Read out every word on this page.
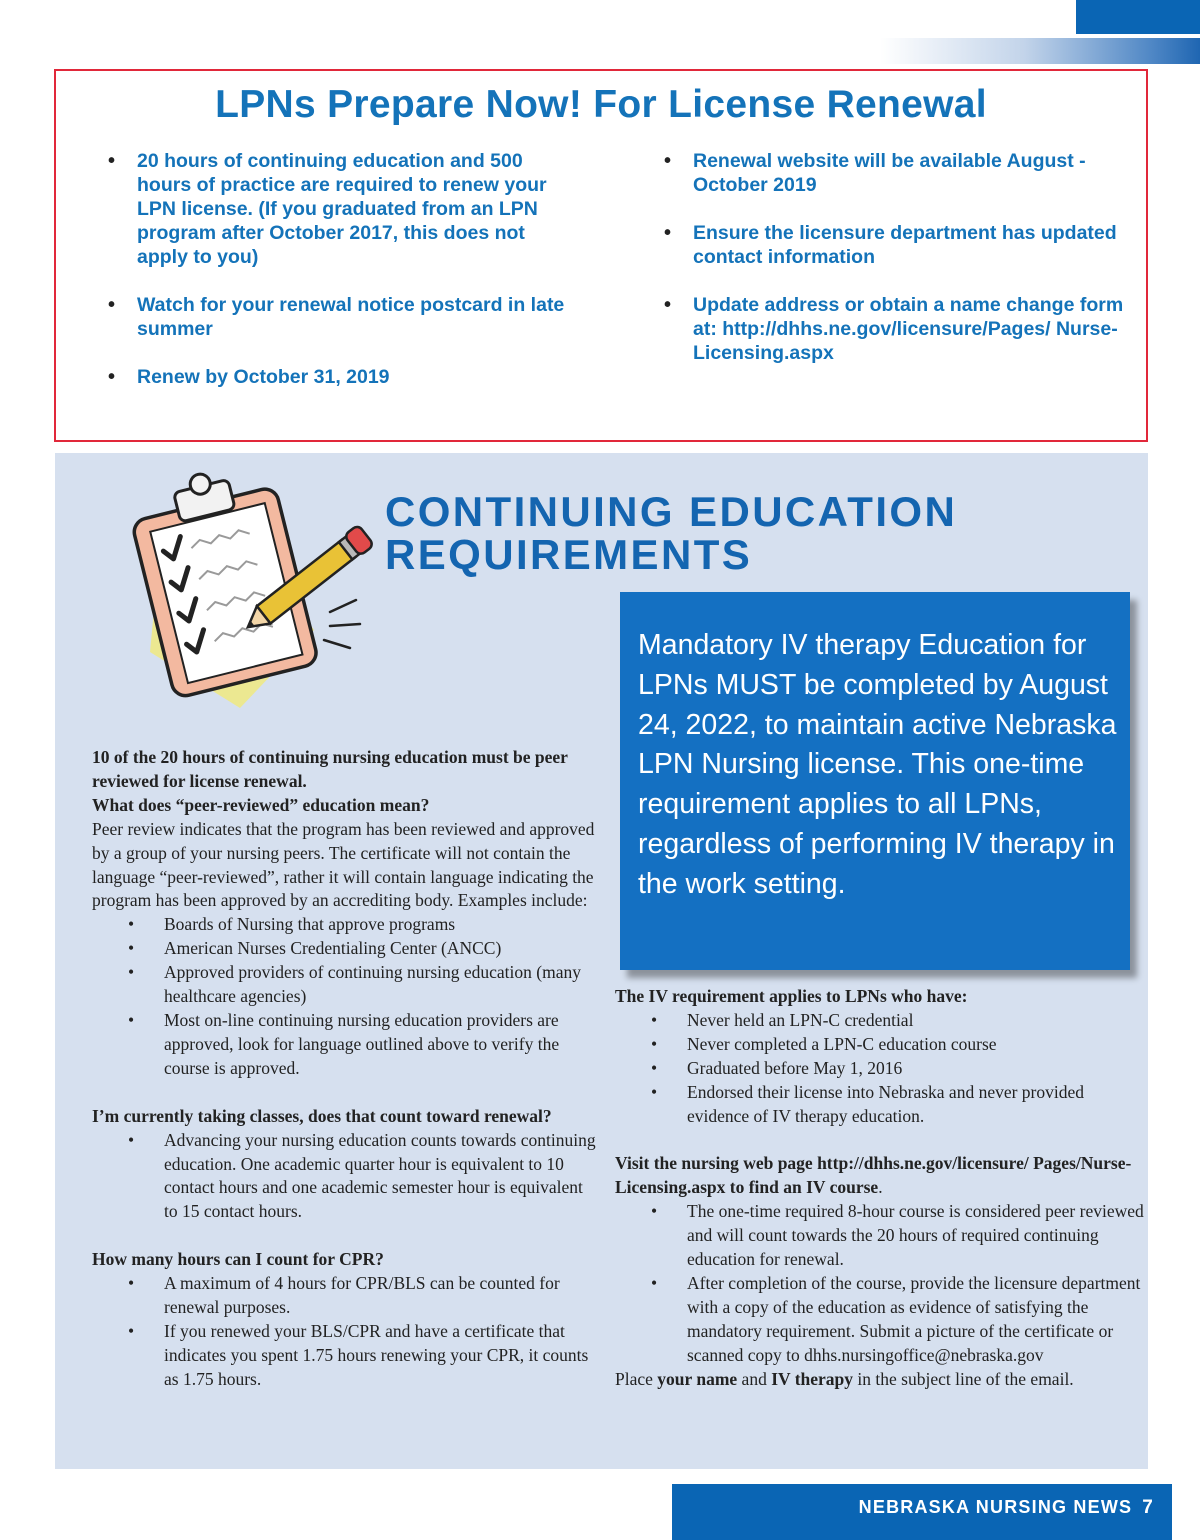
LPNs Prepare Now! For License Renewal
• 20 hours of continuing education and 500 hours of practice are required to renew your LPN license. (If you graduated from an LPN program after October 2017, this does not apply to you)
• Watch for your renewal notice postcard in late summer
• Renew by October 31, 2019
• Renewal website will be available August - October 2019
• Ensure the licensure department has updated contact information
• Update address or obtain a name change form at: http://dhhs.ne.gov/licensure/Pages/ Nurse-Licensing.aspx
CONTINUING EDUCATION
REQUIREMENTS

Mandatory IV therapy Education for LPNs MUST be completed by August 24, 2022, to maintain active Nebraska LPN Nursing license. This one-time requirement applies to all LPNs, regardless of performing IV therapy in the work setting.

10 of the 20 hours of continuing nursing education must be peer reviewed for license renewal.

What does “peer-reviewed” education mean?

Peer review indicates that the program has been reviewed and approved by a group of your nursing peers. The certificate will not contain the language “peer-reviewed”, rather it will contain language indicating the program has been approved by an accrediting body. Examples include:

• Boards of Nursing that approve programs
• American Nurses Credentialing Center (ANCC)
• Approved providers of continuing nursing education (many healthcare agencies)
• Most on-line continuing nursing education providers are approved, look for language outlined above to verify the course is approved.

I’m currently taking classes, does that count toward renewal?

• Advancing your nursing education counts towards continuing education. One academic quarter hour is equivalent to 10 contact hours and one academic semester hour is equivalent to 15 contact hours.

How many hours can I count for CPR?

• A maximum of 4 hours for CPR/BLS can be counted for renewal purposes.
• If you renewed your BLS/CPR and have a certificate that indicates you spent 1.75 hours renewing your CPR, it counts as 1.75 hours.

The IV requirement applies to LPNs who have:

• Never held an LPN-C credential
• Never completed a LPN-C education course
• Graduated before May 1, 2016
• Endorsed their license into Nebraska and never provided evidence of IV therapy education.

Visit the nursing web page http://dhhs.ne.gov/licensure/ Pages/Nurse-Licensing.aspx to find an IV course.

• The one-time required 8-hour course is considered peer reviewed and will count towards the 20 hours of required continuing education for renewal.
• After completion of the course, provide the licensure department with a copy of the education as evidence of satisfying the mandatory requirement. Submit a picture of the certificate or scanned copy to dhhs.nursingoffice@nebraska.gov

Place your name and IV therapy in the subject line of the email.

NEBRASKA NURSING NEWS 7
